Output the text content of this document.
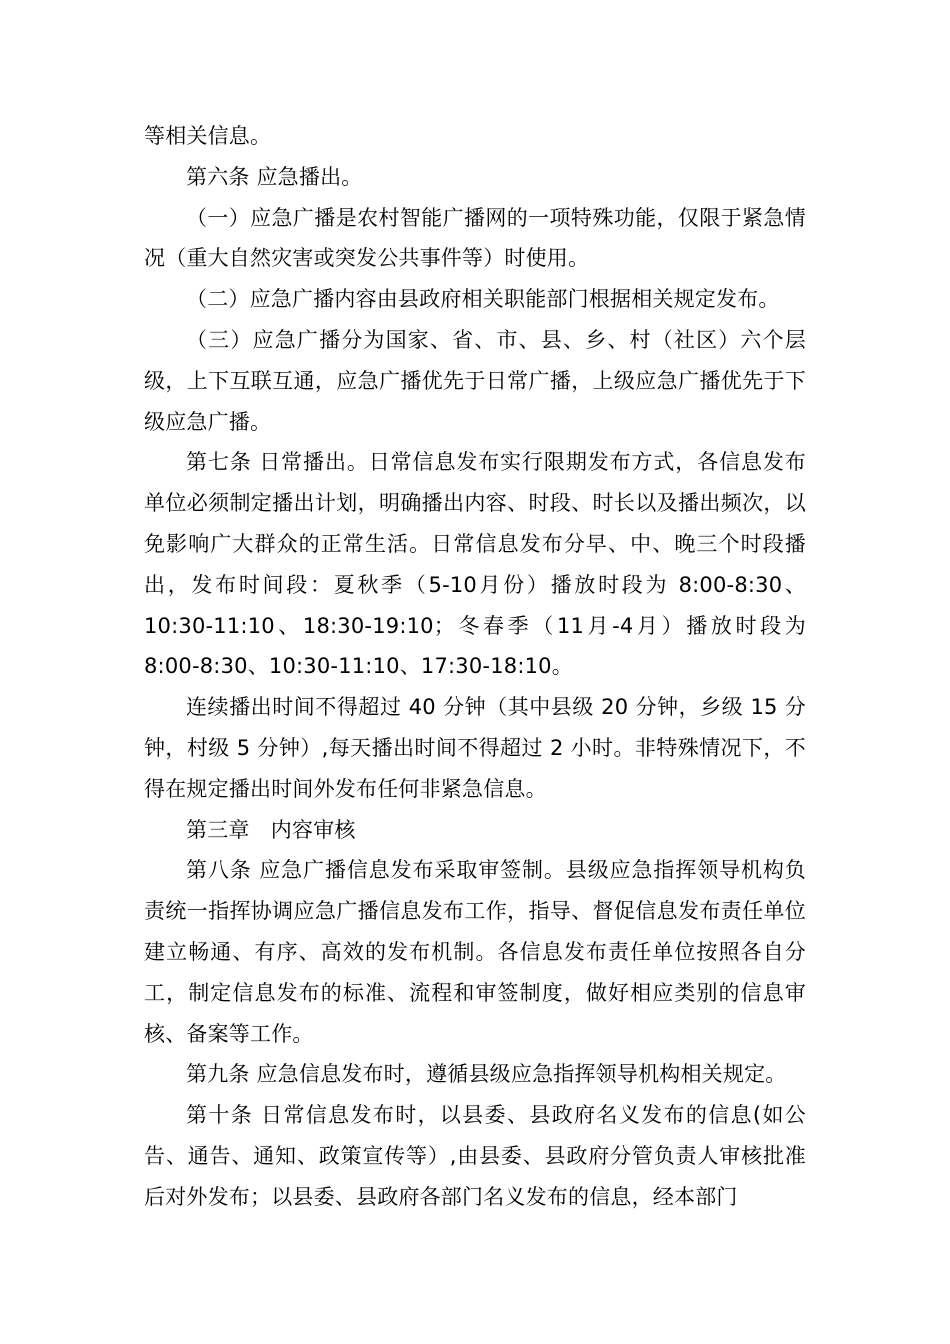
等相关信息。

第六条 应急播出。

（一）应急广播是农村智能广播网的一项特殊功能，仅限于紧急情况（重大自然灾害或突发公共事件等）时使用。

（二）应急广播内容由县政府相关职能部门根据相关规定发布。

（三）应急广播分为国家、省、市、县、乡、村（社区）六个层级，上下互联互通，应急广播优先于日常广播，上级应急广播优先于下级应急广播。

第七条 日常播出。日常信息发布实行限期发布方式，各信息发布单位必须制定播出计划，明确播出内容、时段、时长以及播出频次，以免影响广大群众的正常生活。日常信息发布分早、中、晚三个时段播出，发布时间段：夏秋季（5-10月份）播放时段为 8:00-8:30、10:30-11:10、18:30-19:10；冬春季（11月-4月）播放时段为 8:00-8:30、10:30-11:10、17:30-18:10。

连续播出时间不得超过 40 分钟（其中县级 20 分钟，乡级 15 分钟，村级 5 分钟）,每天播出时间不得超过 2 小时。非特殊情况下，不得在规定播出时间外发布任何非紧急信息。

第三章　内容审核

第八条 应急广播信息发布采取审签制。县级应急指挥领导机构负责统一指挥协调应急广播信息发布工作，指导、督促信息发布责任单位建立畅通、有序、高效的发布机制。各信息发布责任单位按照各自分工，制定信息发布的标准、流程和审签制度，做好相应类别的信息审核、备案等工作。

第九条 应急信息发布时，遵循县级应急指挥领导机构相关规定。

第十条 日常信息发布时，以县委、县政府名义发布的信息(如公告、通告、通知、政策宣传等）,由县委、县政府分管负责人审核批准后对外发布；以县委、县政府各部门名义发布的信息，经本部门
